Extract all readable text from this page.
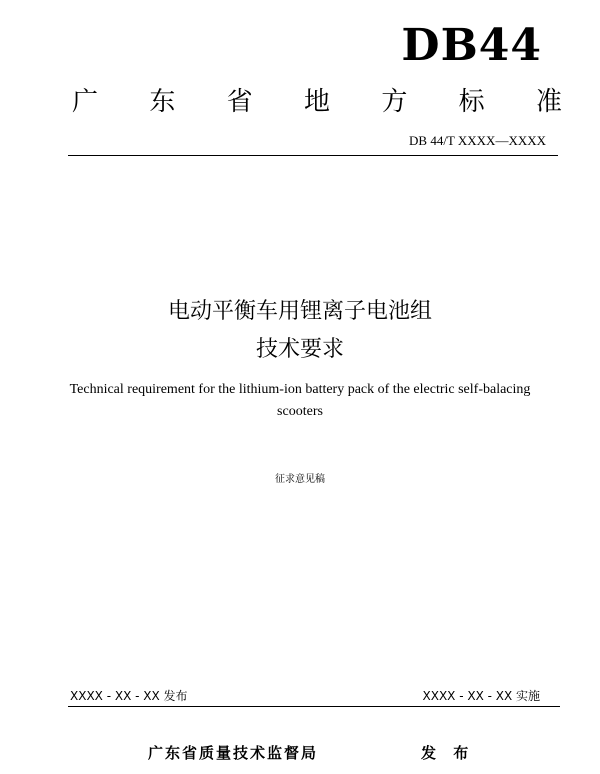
DB44
广 东 省 地 方 标 准
DB 44/T XXXX—XXXX
电动平衡车用锂离子电池组
技术要求
Technical requirement for the lithium-ion battery pack of the electric self-balacing
scooters
征求意见稿
XXXX - XX - XX 发布	XXXX - XX - XX 实施
广东省质量技术监督局	发 布
